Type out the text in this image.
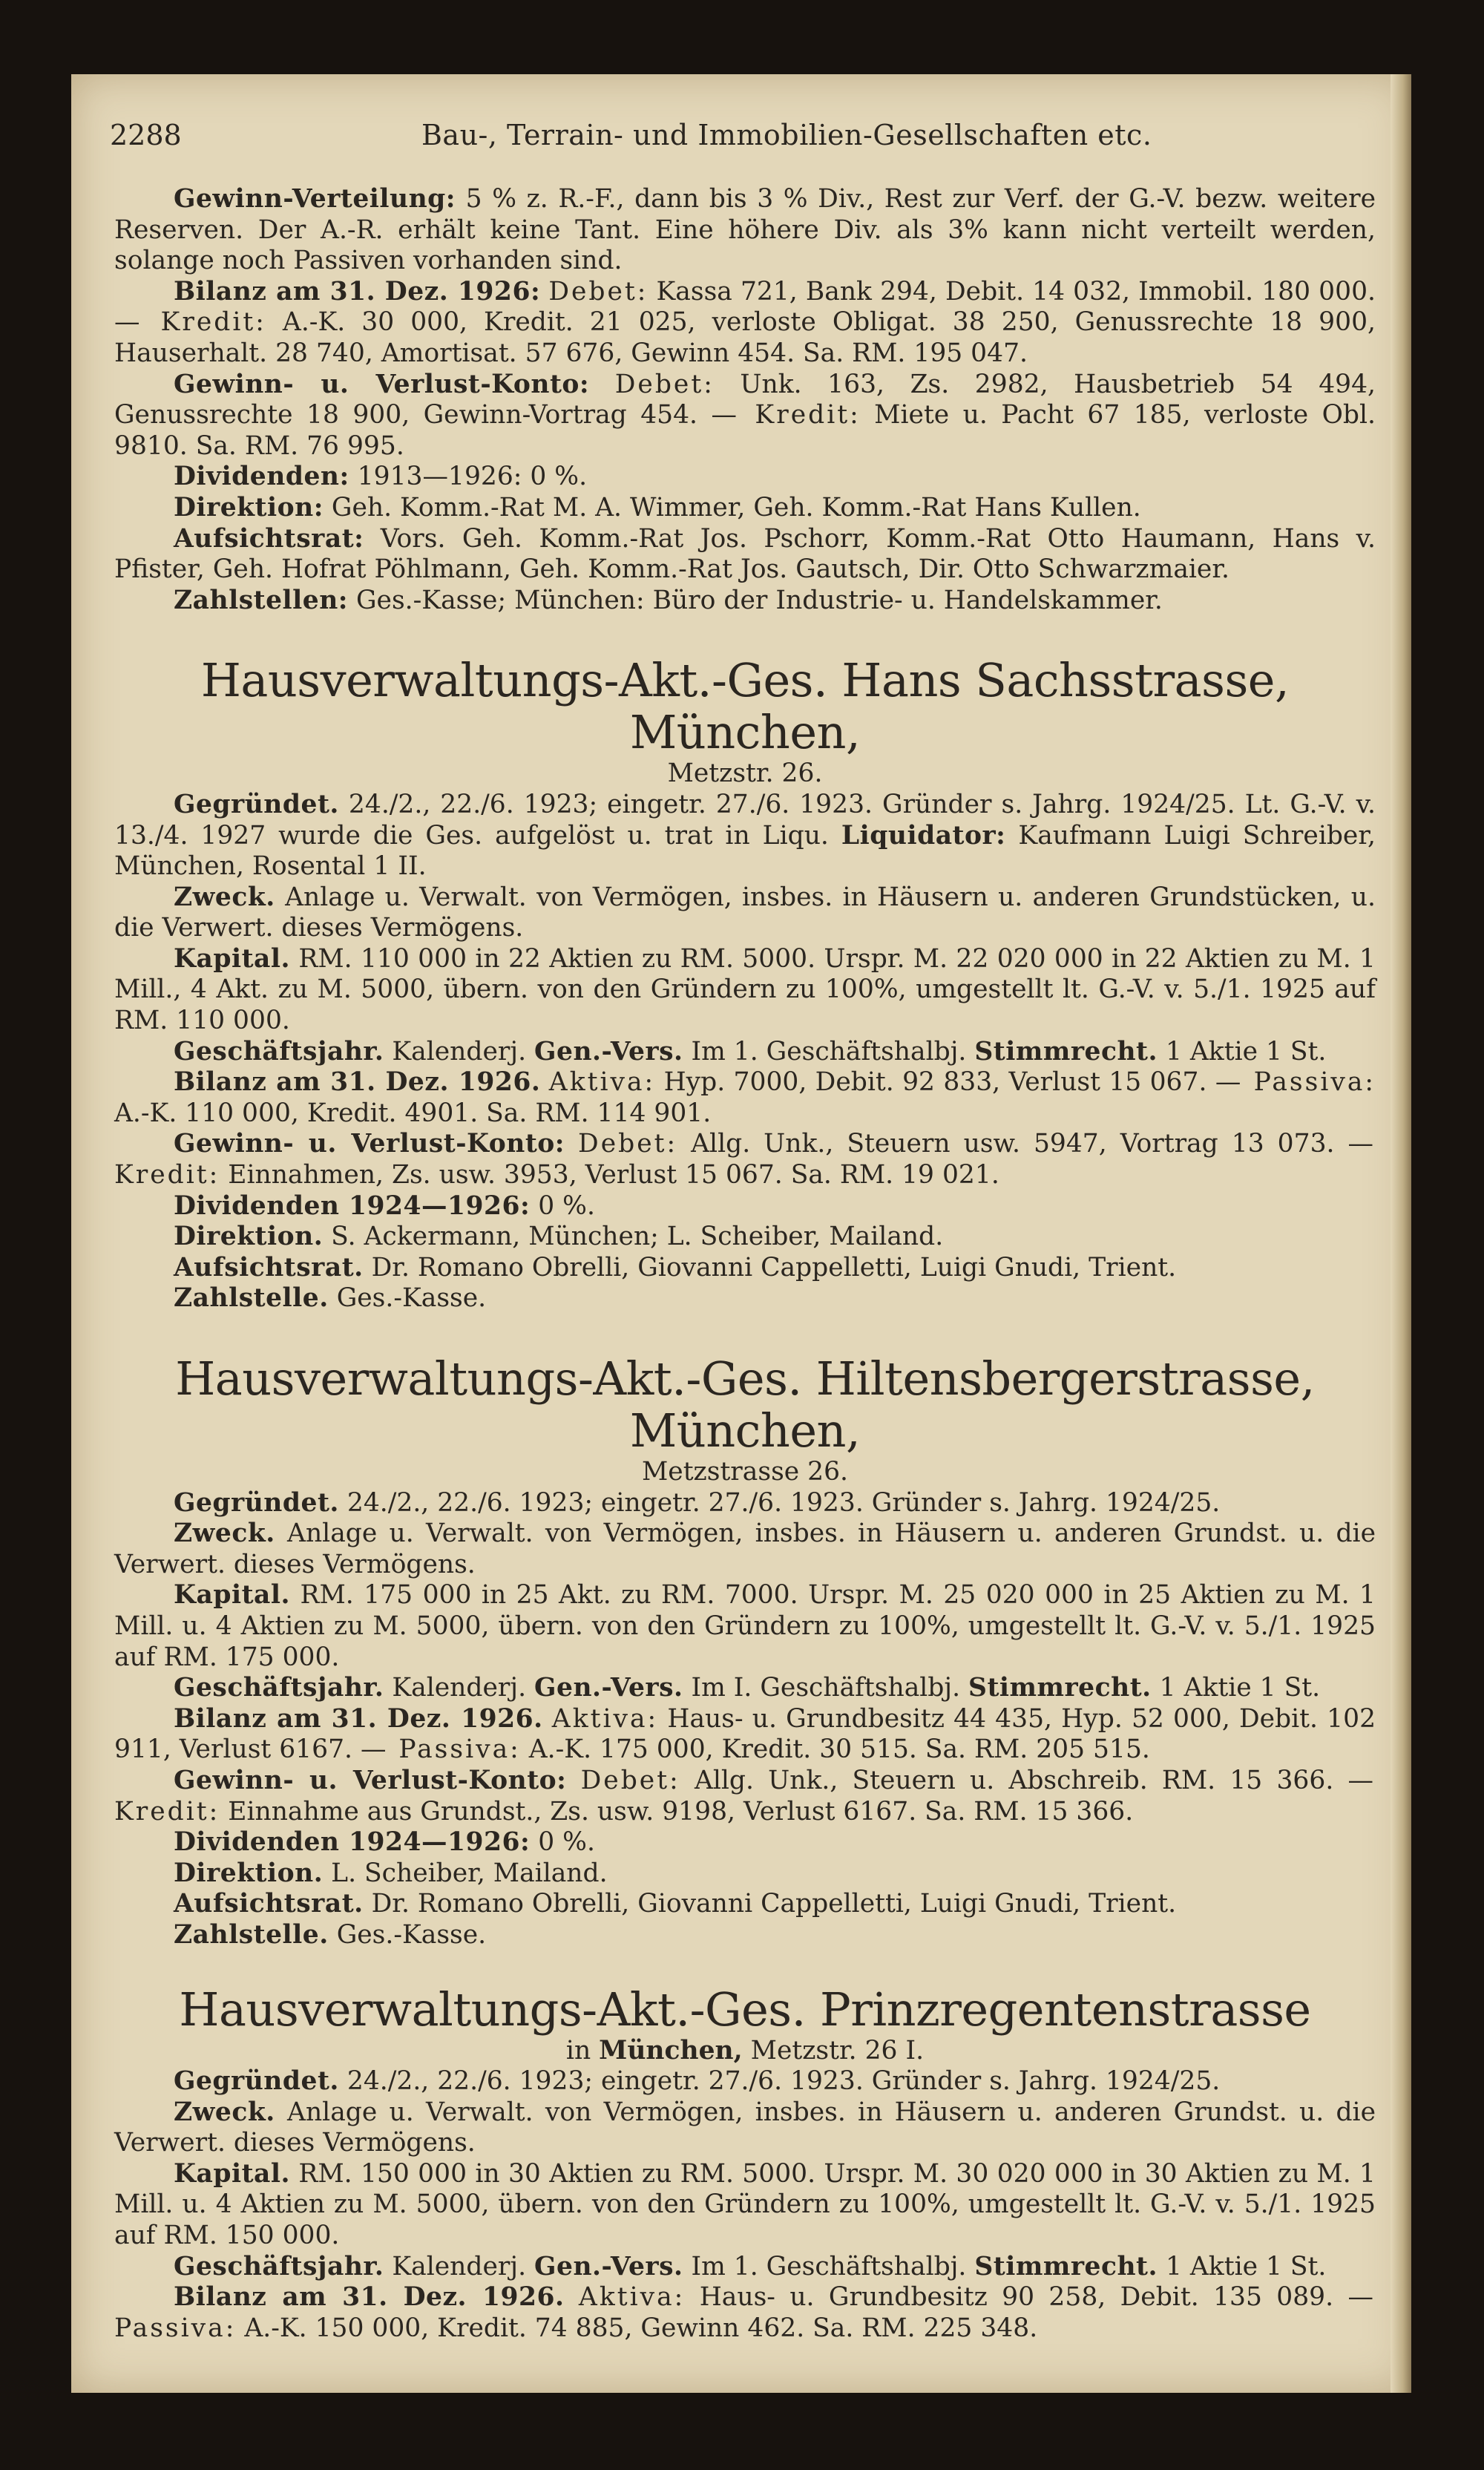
2288	Bau-, Terrain- und Immobilien-Gesellschaften etc.

Gewinn-Verteilung: 5 % z. R.-F., dann bis 3 % Div., Rest zur Verf. der G.-V. bezw. weitere Reserven. Der A.-R. erhält keine Tant. Eine höhere Div. als 3% kann nicht verteilt werden, solange noch Passiven vorhanden sind.

Bilanz am 31. Dez. 1926: Debet: Kassa 721, Bank 294, Debit. 14 032, Immobil. 180 000. — Kredit: A.-K. 30 000, Kredit. 21 025, verloste Obligat. 38 250, Genussrechte 18 900, Hauserhalt. 28 740, Amortisat. 57 676, Gewinn 454. Sa. RM. 195 047.

Gewinn- u. Verlust-Konto: Debet: Unk. 163, Zs. 2982, Hausbetrieb 54 494, Genussrechte 18 900, Gewinn-Vortrag 454. — Kredit: Miete u. Pacht 67 185, verloste Obl. 9810. Sa. RM. 76 995.

Dividenden: 1913—1926: 0 %.

Direktion: Geh. Komm.-Rat M. A. Wimmer, Geh. Komm.-Rat Hans Kullen.

Aufsichtsrat: Vors. Geh. Komm.-Rat Jos. Pschorr, Komm.-Rat Otto Haumann, Hans v. Pfister, Geh. Hofrat Pöhlmann, Geh. Komm.-Rat Jos. Gautsch, Dir. Otto Schwarzmaier.

Zahlstellen: Ges.-Kasse; München: Büro der Industrie- u. Handelskammer.

Hausverwaltungs-Akt.-Ges. Hans Sachsstrasse, München,

Metzstr. 26.

Gegründet. 24./2., 22./6. 1923; eingetr. 27./6. 1923. Gründer s. Jahrg. 1924/25. Lt. G.-V. v. 13./4. 1927 wurde die Ges. aufgelöst u. trat in Liqu. Liquidator: Kaufmann Luigi Schreiber, München, Rosental 1 II.

Zweck. Anlage u. Verwalt. von Vermögen, insbes. in Häusern u. anderen Grundstücken, u. die Verwert. dieses Vermögens.

Kapital. RM. 110 000 in 22 Aktien zu RM. 5000. Urspr. M. 22 020 000 in 22 Aktien zu M. 1 Mill., 4 Akt. zu M. 5000, übern. von den Gründern zu 100%, umgestellt lt. G.-V. v. 5./1. 1925 auf RM. 110 000.

Geschäftsjahr. Kalenderj. Gen.-Vers. Im 1. Geschäftshalbj. Stimmrecht. 1 Aktie 1 St.

Bilanz am 31. Dez. 1926. Aktiva: Hyp. 7000, Debit. 92 833, Verlust 15 067. — Passiva: A.-K. 110 000, Kredit. 4901. Sa. RM. 114 901.

Gewinn- u. Verlust-Konto: Debet: Allg. Unk., Steuern usw. 5947, Vortrag 13 073. — Kredit: Einnahmen, Zs. usw. 3953, Verlust 15 067. Sa. RM. 19 021.

Dividenden 1924—1926: 0 %.

Direktion. S. Ackermann, München; L. Scheiber, Mailand.

Aufsichtsrat. Dr. Romano Obrelli, Giovanni Cappelletti, Luigi Gnudi, Trient.

Zahlstelle. Ges.-Kasse.

Hausverwaltungs-Akt.-Ges. Hiltensbergerstrasse, München,

Metzstrasse 26.

Gegründet. 24./2., 22./6. 1923; eingetr. 27./6. 1923. Gründer s. Jahrg. 1924/25.

Zweck. Anlage u. Verwalt. von Vermögen, insbes. in Häusern u. anderen Grundst. u. die Verwert. dieses Vermögens.

Kapital. RM. 175 000 in 25 Akt. zu RM. 7000. Urspr. M. 25 020 000 in 25 Aktien zu M. 1 Mill. u. 4 Aktien zu M. 5000, übern. von den Gründern zu 100%, umgestellt lt. G.-V. v. 5./1. 1925 auf RM. 175 000.

Geschäftsjahr. Kalenderj. Gen.-Vers. Im I. Geschäftshalbj. Stimmrecht. 1 Aktie 1 St.

Bilanz am 31. Dez. 1926. Aktiva: Haus- u. Grundbesitz 44 435, Hyp. 52 000, Debit. 102 911, Verlust 6167. — Passiva: A.-K. 175 000, Kredit. 30 515. Sa. RM. 205 515.

Gewinn- u. Verlust-Konto: Debet: Allg. Unk., Steuern u. Abschreib. RM. 15 366. — Kredit: Einnahme aus Grundst., Zs. usw. 9198, Verlust 6167. Sa. RM. 15 366.

Dividenden 1924—1926: 0 %.

Direktion. L. Scheiber, Mailand.

Aufsichtsrat. Dr. Romano Obrelli, Giovanni Cappelletti, Luigi Gnudi, Trient.

Zahlstelle. Ges.-Kasse.

Hausverwaltungs-Akt.-Ges. Prinzregentenstrasse

in München, Metzstr. 26 I.

Gegründet. 24./2., 22./6. 1923; eingetr. 27./6. 1923. Gründer s. Jahrg. 1924/25.

Zweck. Anlage u. Verwalt. von Vermögen, insbes. in Häusern u. anderen Grundst. u. die Verwert. dieses Vermögens.

Kapital. RM. 150 000 in 30 Aktien zu RM. 5000. Urspr. M. 30 020 000 in 30 Aktien zu M. 1 Mill. u. 4 Aktien zu M. 5000, übern. von den Gründern zu 100%, umgestellt lt. G.-V. v. 5./1. 1925 auf RM. 150 000.

Geschäftsjahr. Kalenderj. Gen.-Vers. Im 1. Geschäftshalbj. Stimmrecht. 1 Aktie 1 St.

Bilanz am 31. Dez. 1926. Aktiva: Haus- u. Grundbesitz 90 258, Debit. 135 089. — Passiva: A.-K. 150 000, Kredit. 74 885, Gewinn 462. Sa. RM. 225 348.
